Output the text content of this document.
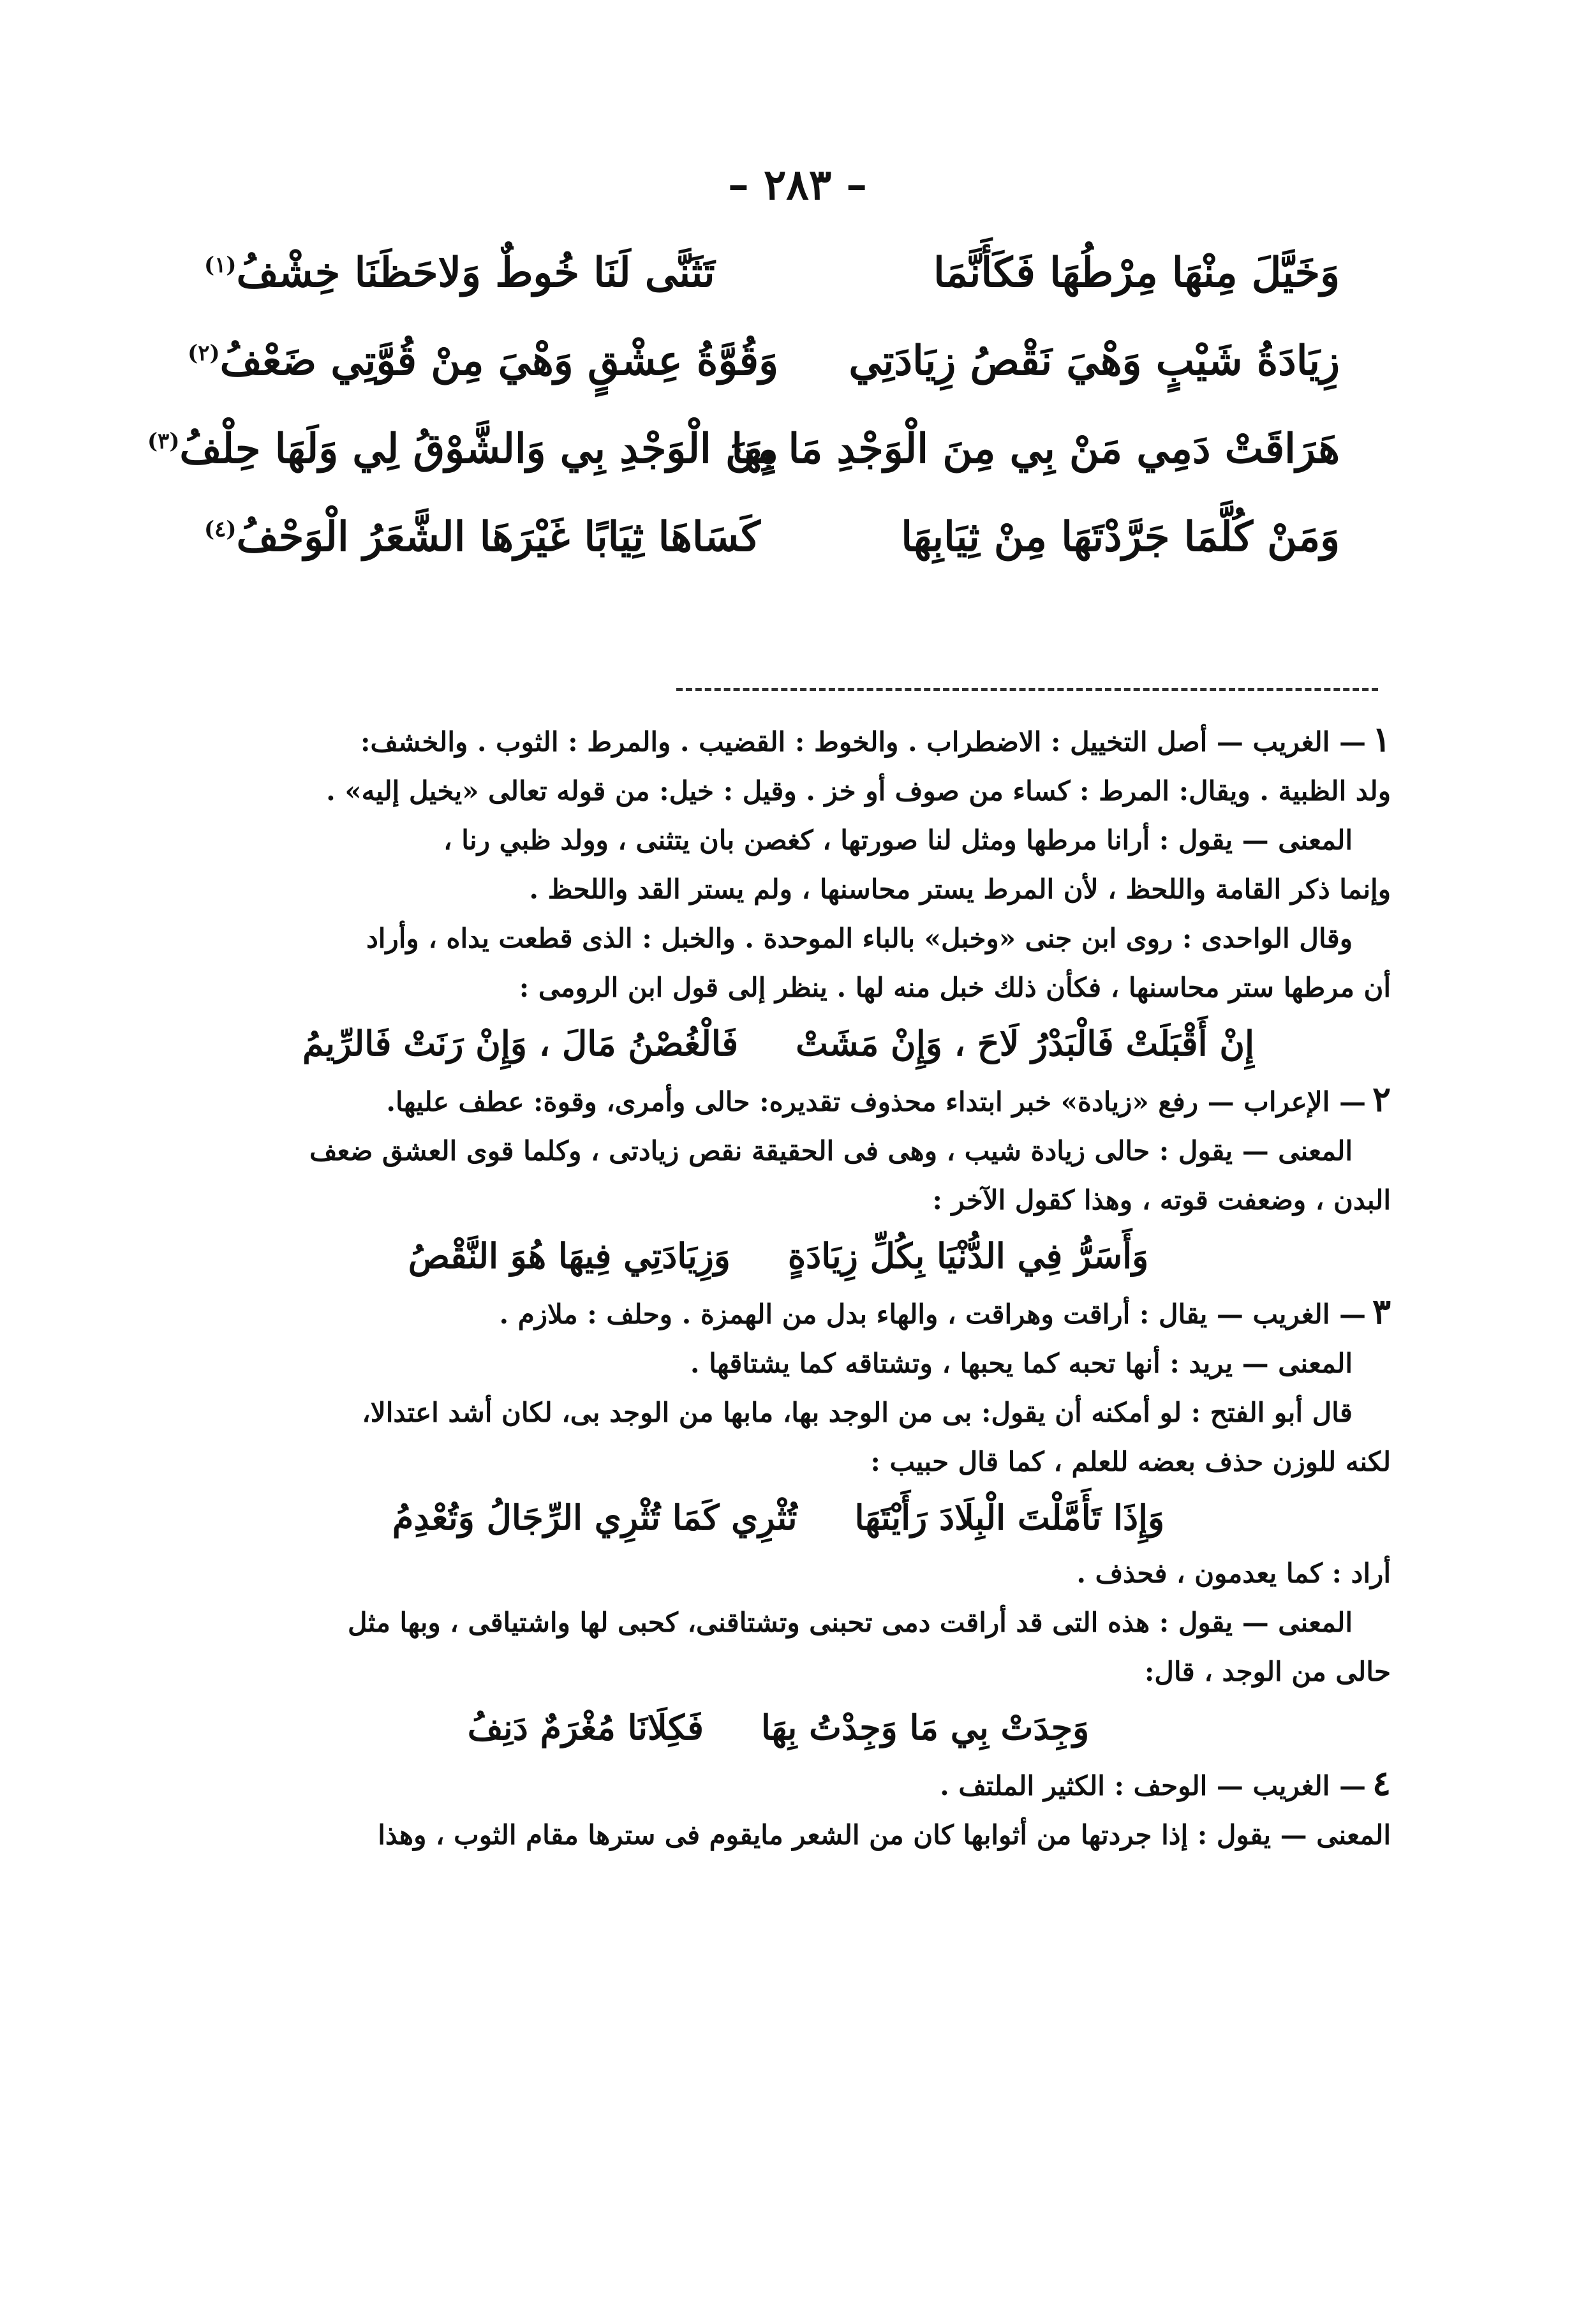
– ٢٨٣ –
وَخَيَّلَ مِنْهَا مِرْطُهَا فَكَأَنَّمَا
تَثَنَّى لَنَا خُوطٌ وَلاحَظَنَا خِشْفُ$^{(١)}$
زِيَادَةُ شَيْبٍ وَهْيَ نَقْصُ زِيَادَتِي
وَقُوَّةُ عِشْقٍ وَهْيَ مِنْ قُوَّتِي ضَعْفُ$^{(٢)}$
هَرَاقَتْ دَمِي مَنْ بِي مِنَ الْوَجْدِ مَا بِهَا
مِنَ الْوَجْدِ بِي وَالشَّوْقُ لِي وَلَهَا حِلْفُ$^{(٣)}$
وَمَنْ كُلَّمَا جَرَّدْتَهَا مِنْ ثِيَابِهَا
كَسَاهَا ثِيَابًا غَيْرَهَا الشَّعَرُ الْوَحْفُ$^{(٤)}$

١— الغريب — أصل التخييل : الاضطراب . والخوط : القضيب . والمرط : الثوب . والخشف:

ولد الظبية . ويقال: المرط : كساء من صوف أو خز . وقيل : خيل: من قوله تعالى «يخيل إليه» .

المعنى — يقول : أرانا مرطها ومثل لنا صورتها ، كغصن بان يتثنى ، وولد ظبي رنا ،

وإنما ذكر القامة واللحظ ، لأن المرط يستر محاسنها ، ولم يستر القد واللحظ .

وقال الواحدى : روى ابن جنى «وخبل» بالباء الموحدة . والخبل : الذى قطعت يداه ، وأراد

أن مرطها ستر محاسنها ، فكأن ذلك خبل منه لها . ينظر إلى قول ابن الرومى :

إِنْ أَقْبَلَتْ فَالْبَدْرُ لَاحَ ، وَإِنْ مَشَتْفَالْغُصْنُ مَالَ ، وَإِنْ رَنَتْ فَالرِّيمُ

٢— الإعراب — رفع «زيادة» خبر ابتداء محذوف تقديره: حالى وأمرى، وقوة: عطف عليها.

المعنى — يقول : حالى زيادة شيب ، وهى فى الحقيقة نقص زيادتى ، وكلما قوى العشق ضعف

البدن ، وضعفت قوته ، وهذا كقول الآخر :

وَأَسَرُّ فِي الدُّنْيَا بِكُلِّ زِيَادَةٍوَزِيَادَتِي فِيهَا هُوَ النَّقْصُ

٣— الغريب — يقال : أراقت وهراقت ، والهاء بدل من الهمزة . وحلف : ملازم .

المعنى — يريد : أنها تحبه كما يحبها ، وتشتاقه كما يشتاقها .

قال أبو الفتح : لو أمكنه أن يقول: بى من الوجد بها، مابها من الوجد بى، لكان أشد اعتدالا،

لكنه للوزن حذف بعضه للعلم ، كما قال حبيب :

وَإِذَا تَأَمَّلْتَ الْبِلَادَ رَأَيْتَهَاتُثْرِي كَمَا تُثْرِي الرِّجَالُ وَتُعْدِمُ

أراد : كما يعدمون ، فحذف .

المعنى — يقول : هذه التى قد أراقت دمى تحبنى وتشتاقنى، كحبى لها واشتياقى ، وبها مثل

حالى من الوجد ، قال:

وَجِدَتْ بِي مَا وَجِدْتُ بِهَافَكِلَانَا مُغْرَمٌ دَنِفُ

٤— الغريب — الوحف : الكثير الملتف .

المعنى — يقول : إذا جردتها من أثوابها كان من الشعر مايقوم فى سترها مقام الثوب ، وهذا
